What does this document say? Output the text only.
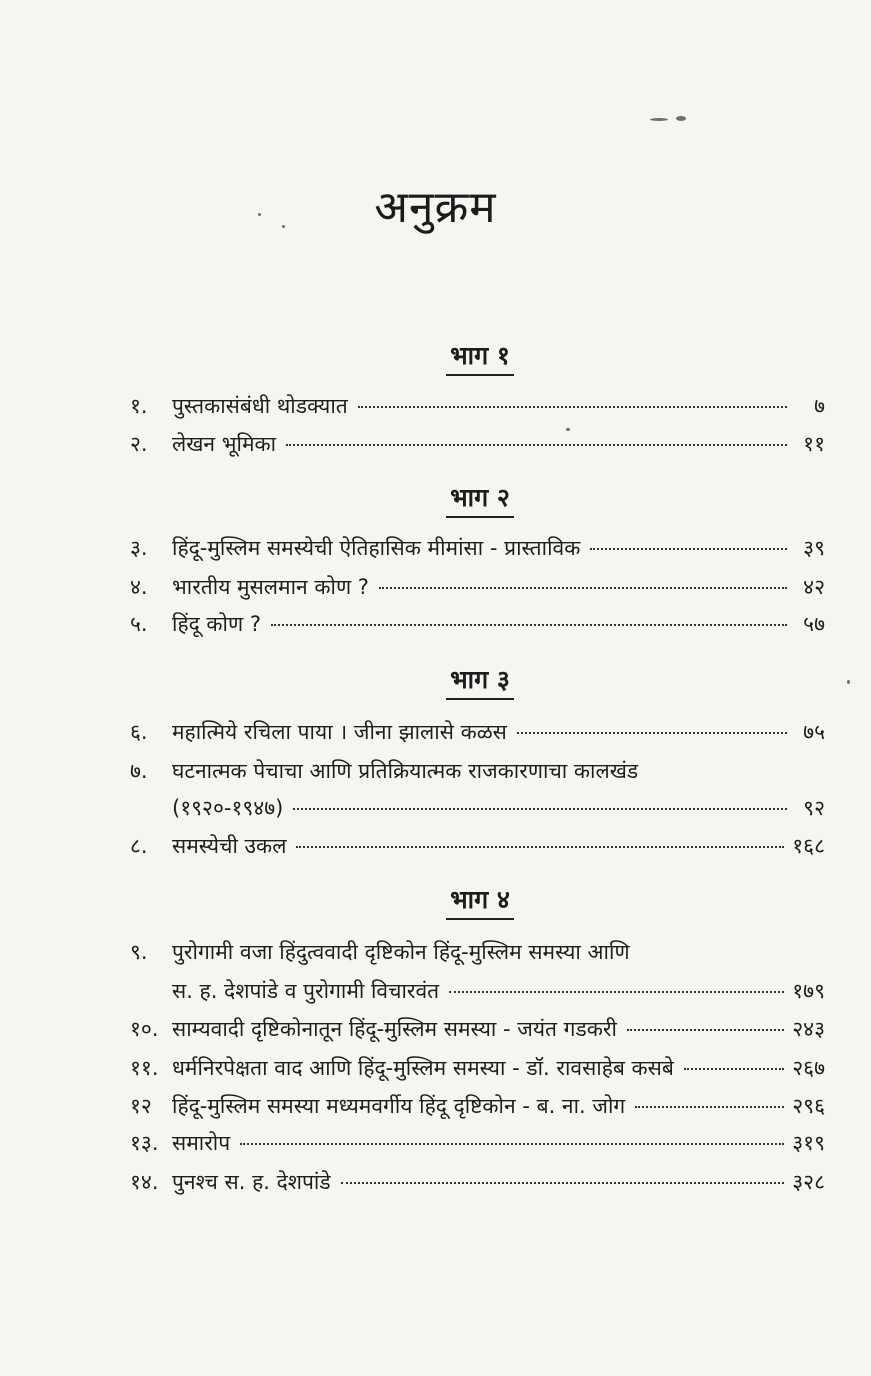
अनुक्रम
भाग १
१.	पुस्तकासंबंधी थोडक्यात	७
२.	लेखन भूमिका	११
भाग २
३.	हिंदू-मुस्लिम समस्येची ऐतिहासिक मीमांसा - प्रास्ताविक	३९
४.	भारतीय मुसलमान कोण ?	४२
५.	हिंदू कोण ?	५७
भाग ३
६.	महात्मिये रचिला पाया । जीना झालासे कळस	७५
७.	घटनात्मक पेचाचा आणि प्रतिक्रियात्मक राजकारणाचा कालखंड
(१९२०-१९४७)	९२
८.	समस्येची उकल	१६८
भाग ४
९.	पुरोगामी वजा हिंदुत्ववादी दृष्टिकोन हिंदू-मुस्लिम समस्या आणि
स. ह. देशपांडे व पुरोगामी विचारवंत	१७९
१०. साम्यवादी दृष्टिकोनातून हिंदू-मुस्लिम समस्या - जयंत गडकरी	२४३
११. धर्मनिरपेक्षता वाद आणि हिंदू-मुस्लिम समस्या - डॉ. रावसाहेब कसबे	२६७
१२ हिंदू-मुस्लिम समस्या मध्यमवर्गीय हिंदू दृष्टिकोन - ब. ना. जोग	२९६
१३. समारोप	३१९
१४. पुनश्च स. ह. देशपांडे	३२८
